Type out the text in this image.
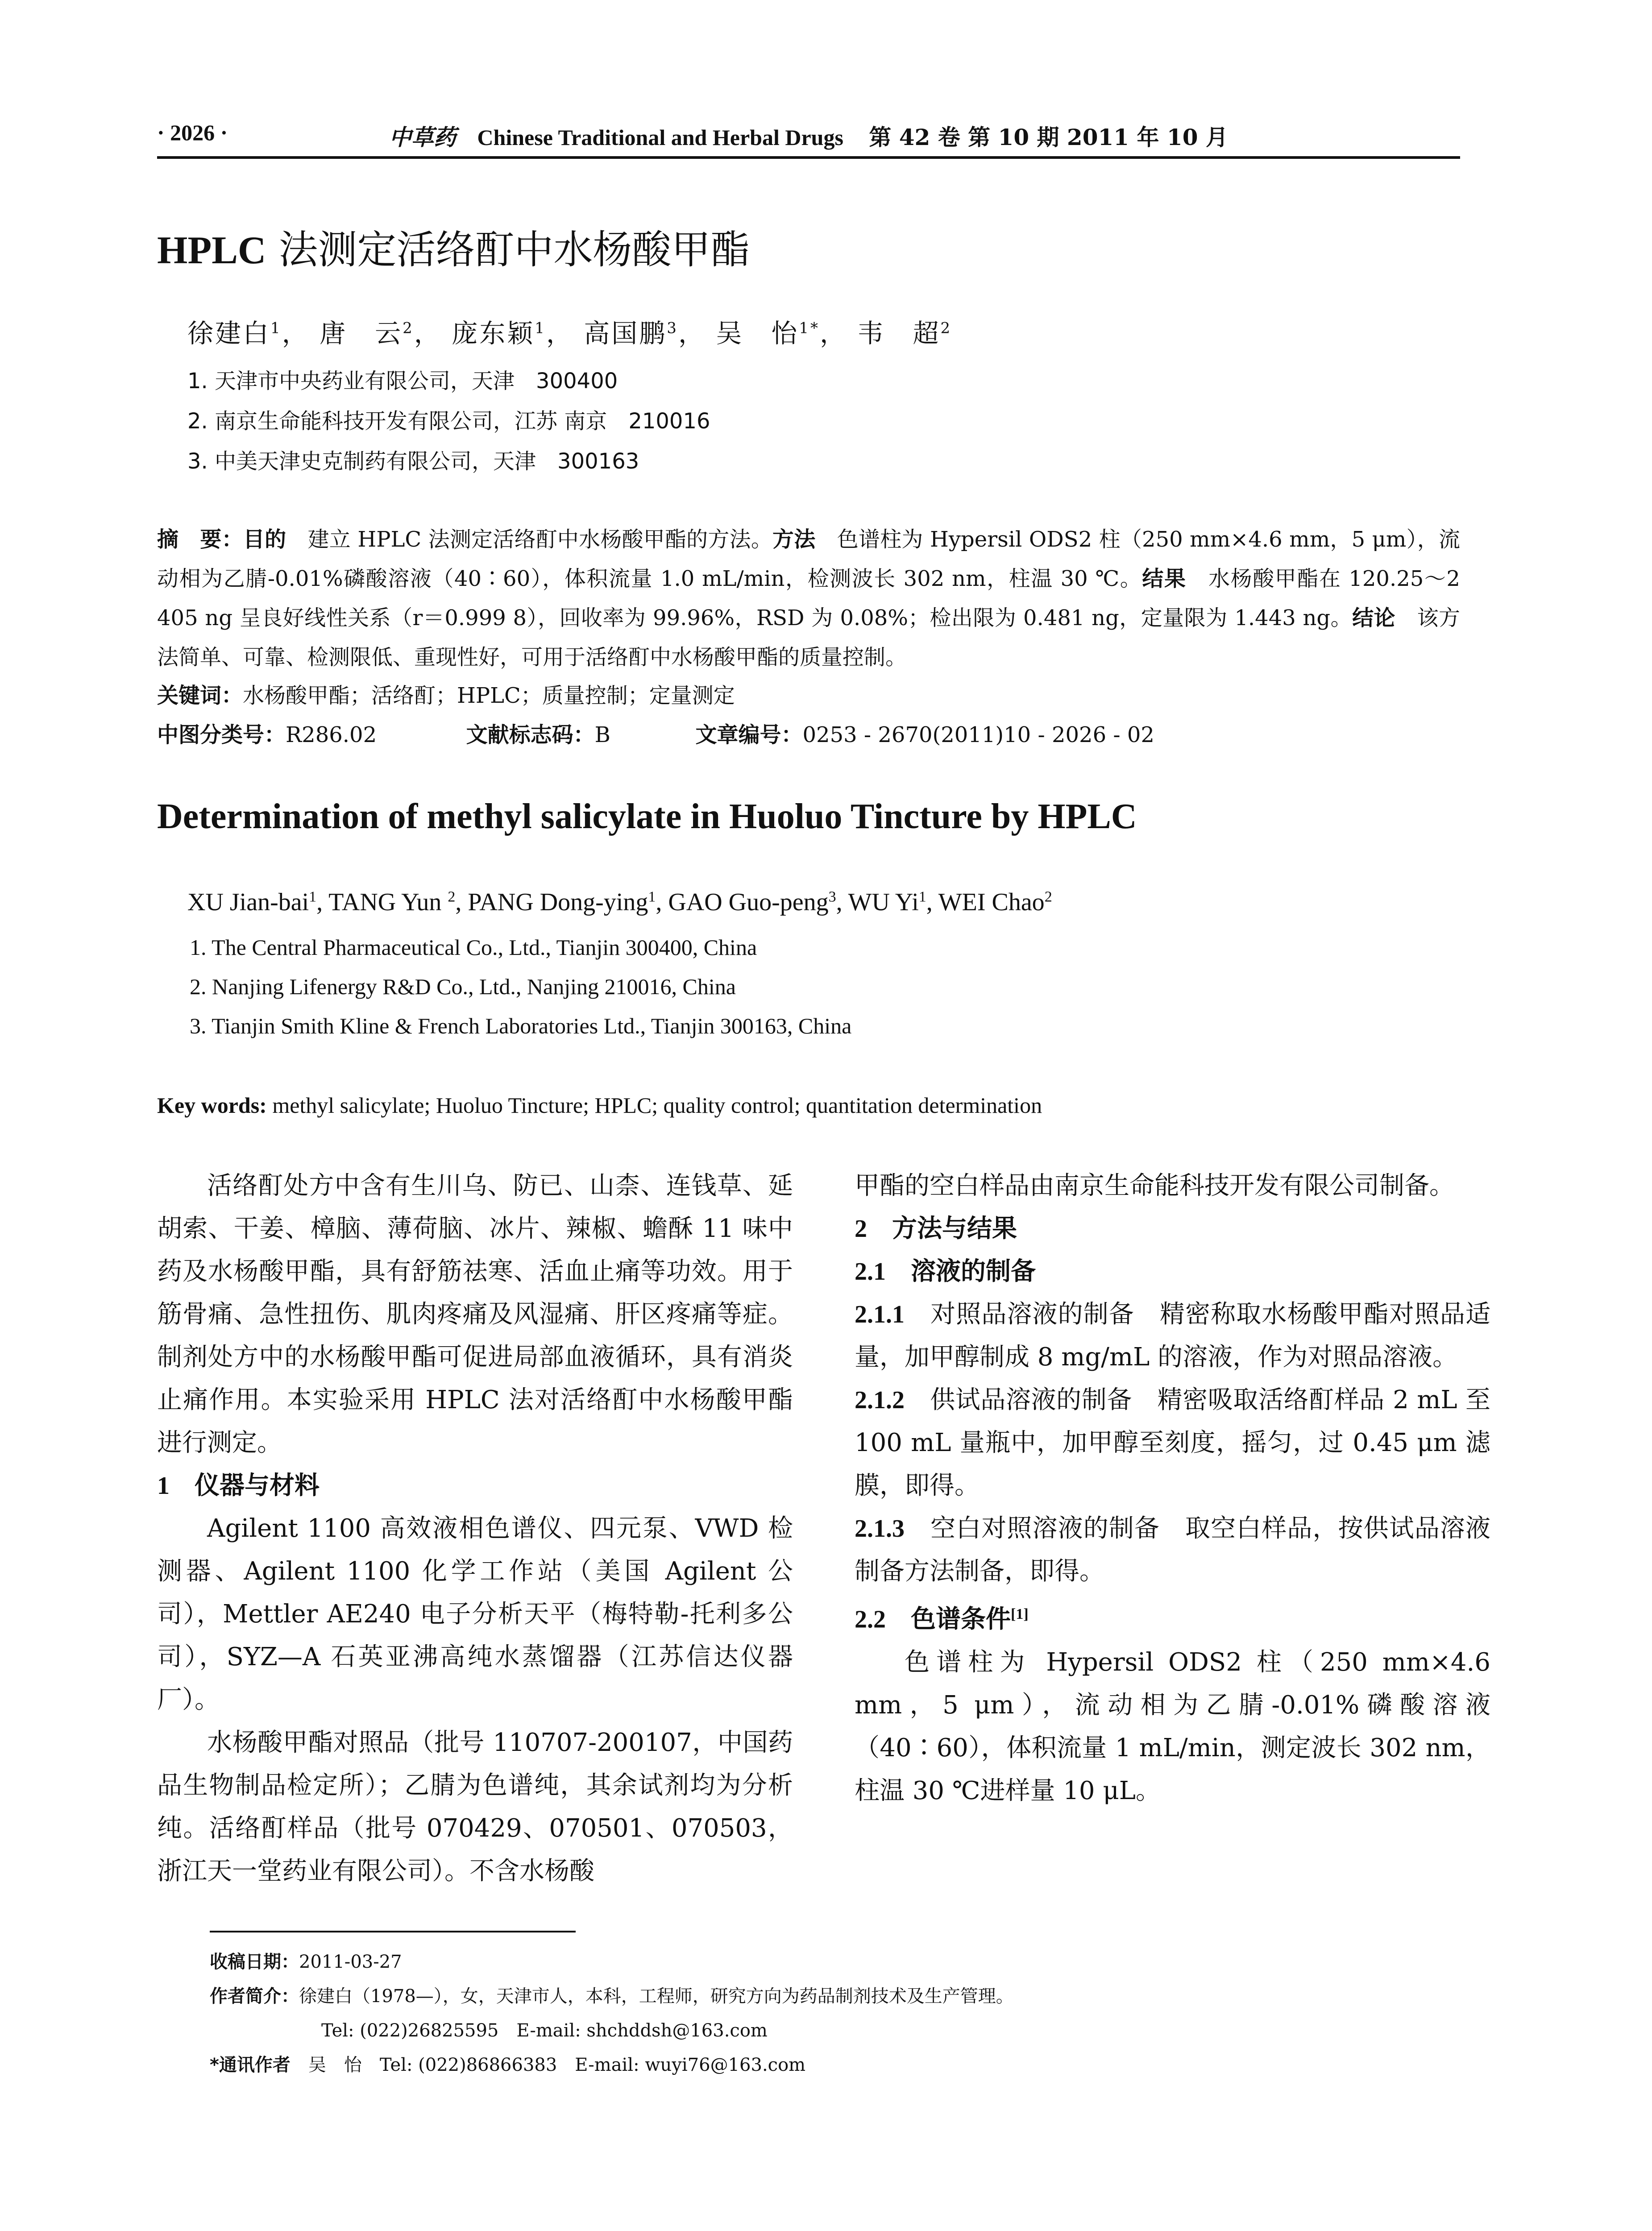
· 2026 ·	中草药 Chinese Traditional and Herbal Drugs 第 42 卷 第 10 期 2011 年 10 月
HPLC 法测定活络酊中水杨酸甲酯
徐建白$^1$， 唐　云$^2$， 庞东颖$^1$， 高国鹏$^3$， 吴　怡$^{1*}$， 韦　超$^2$
1. 天津市中央药业有限公司，天津　300400
2. 南京生命能科技开发有限公司，江苏 南京　210016
3. 中美天津史克制药有限公司，天津　300163
摘　要：目的　建立 HPLC 法测定活络酊中水杨酸甲酯的方法。方法　色谱柱为 Hypersil ODS2 柱（250 mm×4.6 mm，5 μm），流动相为乙腈-0.01%磷酸溶液（40∶60），体积流量 1.0 mL/min，检测波长 302 nm，柱温 30 ℃。结果　水杨酸甲酯在 120.25～2 405 ng 呈良好线性关系（r＝0.999 8），回收率为 99.96%，RSD 为 0.08%；检出限为 0.481 ng，定量限为 1.443 ng。结论　该方法简单、可靠、检测限低、重现性好，可用于活络酊中水杨酸甲酯的质量控制。
关键词：水杨酸甲酯；活络酊；HPLC；质量控制；定量测定
中图分类号：R286.02	文献标志码：B	文章编号：0253 - 2670(2011)10 - 2026 - 02
Determination of methyl salicylate in Huoluo Tincture by HPLC
XU Jian-bai$^1$, TANG Yun $^2$, PANG Dong-ying$^1$, GAO Guo-peng$^3$, WU Yi$^1$, WEI Chao$^2$
1. The Central Pharmaceutical Co., Ltd., Tianjin 300400, China
2. Nanjing Lifenergy R&D Co., Ltd., Nanjing 210016, China
3. Tianjin Smith Kline & French Laboratories Ltd., Tianjin 300163, China
Key words: methyl salicylate; Huoluo Tincture; HPLC; quality control; quantitation determination

活络酊处方中含有生川乌、防已、山柰、连钱草、延胡索、干姜、樟脑、薄荷脑、冰片、辣椒、蟾酥 11 味中药及水杨酸甲酯，具有舒筋祛寒、活血止痛等功效。用于筋骨痛、急性扭伤、肌肉疼痛及风湿痛、肝区疼痛等症。制剂处方中的水杨酸甲酯可促进局部血液循环，具有消炎止痛作用。本实验采用 HPLC 法对活络酊中水杨酸甲酯进行测定。

1　仪器与材料

Agilent 1100 高效液相色谱仪、四元泵、VWD 检测器、Agilent 1100 化学工作站（美国 Agilent 公司），Mettler AE240 电子分析天平（梅特勒-托利多公司），SYZ—A 石英亚沸高纯水蒸馏器（江苏信达仪器厂）。

水杨酸甲酯对照品（批号 110707-200107，中国药品生物制品检定所）；乙腈为色谱纯，其余试剂均为分析纯。活络酊样品（批号 070429、070501、070503，浙江天一堂药业有限公司）。不含水杨酸

甲酯的空白样品由南京生命能科技开发有限公司制备。

2　方法与结果

2.1　溶液的制备

2.1.1　对照品溶液的制备　精密称取水杨酸甲酯对照品适量，加甲醇制成 8 mg/mL 的溶液，作为对照品溶液。

2.1.2　供试品溶液的制备　精密吸取活络酊样品 2 mL 至 100 mL 量瓶中，加甲醇至刻度，摇匀，过 0.45 μm 滤膜，即得。

2.1.3　空白对照溶液的制备　取空白样品，按供试品溶液制备方法制备，即得。

2.2　色谱条件[1]

色谱柱为 Hypersil ODS2 柱（250 mm×4.6 mm，5 μm），流动相为乙腈-0.01%磷酸溶液（40∶60），体积流量 1 mL/min，测定波长 302 nm，柱温 30 ℃进样量 10 μL。

收稿日期：2011-03-27
作者简介：徐建白（1978—），女，天津市人，本科，工程师，研究方向为药品制剂技术及生产管理。
Tel: (022)26825595　E-mail: shchddsh@163.com
*通讯作者　吴　怡　Tel: (022)86866383　E-mail: wuyi76@163.com
